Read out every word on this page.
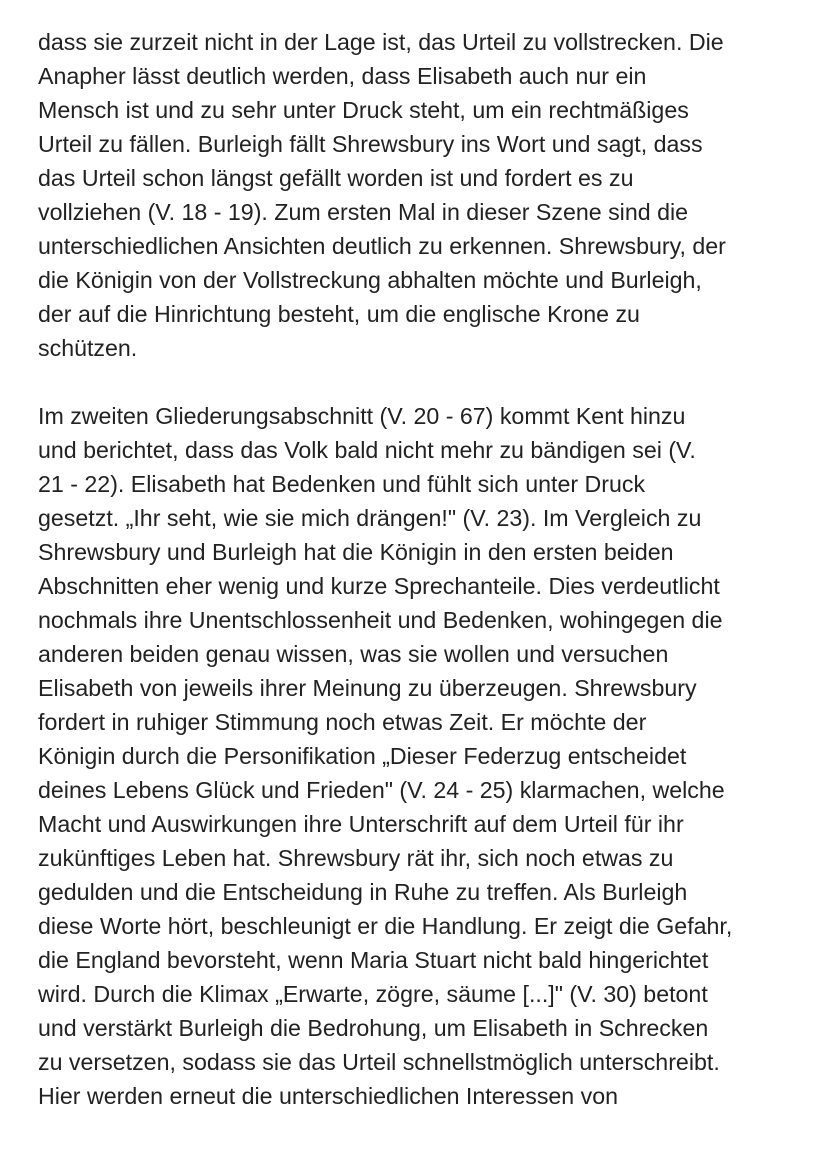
dass sie zurzeit nicht in der Lage ist, das Urteil zu vollstrecken. Die
Anapher lässt deutlich werden, dass Elisabeth auch nur ein
Mensch ist und zu sehr unter Druck steht, um ein rechtmäßiges
Urteil zu fällen. Burleigh fällt Shrewsbury ins Wort und sagt, dass
das Urteil schon längst gefällt worden ist und fordert es zu
vollziehen (V. 18 - 19). Zum ersten Mal in dieser Szene sind die
unterschiedlichen Ansichten deutlich zu erkennen. Shrewsbury, der
die Königin von der Vollstreckung abhalten möchte und Burleigh,
der auf die Hinrichtung besteht, um die englische Krone zu
schützen.

Im zweiten Gliederungsabschnitt (V. 20 - 67) kommt Kent hinzu
und berichtet, dass das Volk bald nicht mehr zu bändigen sei (V.
21 - 22). Elisabeth hat Bedenken und fühlt sich unter Druck
gesetzt. „Ihr seht, wie sie mich drängen!" (V. 23). Im Vergleich zu
Shrewsbury und Burleigh hat die Königin in den ersten beiden
Abschnitten eher wenig und kurze Sprechanteile. Dies verdeutlicht
nochmals ihre Unentschlossenheit und Bedenken, wohingegen die
anderen beiden genau wissen, was sie wollen und versuchen
Elisabeth von jeweils ihrer Meinung zu überzeugen. Shrewsbury
fordert in ruhiger Stimmung noch etwas Zeit. Er möchte der
Königin durch die Personifikation „Dieser Federzug entscheidet
deines Lebens Glück und Frieden" (V. 24 - 25) klarmachen, welche
Macht und Auswirkungen ihre Unterschrift auf dem Urteil für ihr
zukünftiges Leben hat. Shrewsbury rät ihr, sich noch etwas zu
gedulden und die Entscheidung in Ruhe zu treffen. Als Burleigh
diese Worte hört, beschleunigt er die Handlung. Er zeigt die Gefahr,
die England bevorsteht, wenn Maria Stuart nicht bald hingerichtet
wird. Durch die Klimax „Erwarte, zögre, säume [...]" (V. 30) betont
und verstärkt Burleigh die Bedrohung, um Elisabeth in Schrecken
zu versetzen, sodass sie das Urteil schnellstmöglich unterschreibt.
Hier werden erneut die unterschiedlichen Interessen von
